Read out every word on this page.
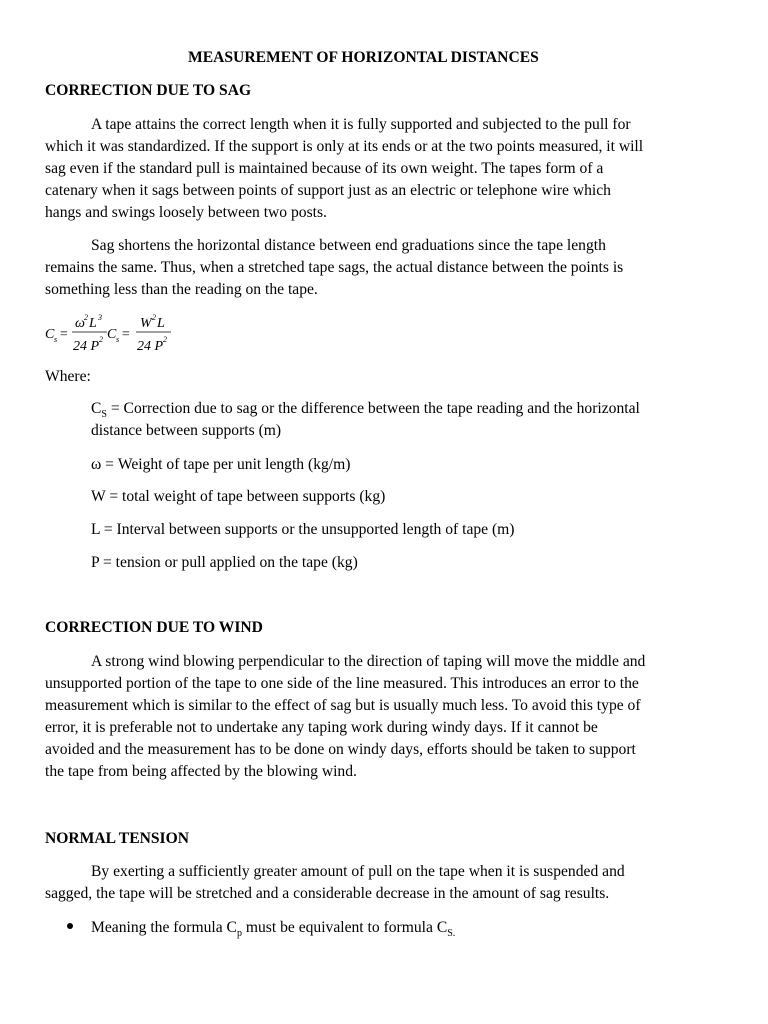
MEASUREMENT OF HORIZONTAL DISTANCES
CORRECTION DUE TO SAG
A tape attains the correct length when it is fully supported and subjected to the pull for
which it was standardized. If the support is only at its ends or at the two points measured, it will
sag even if the standard pull is maintained because of its own weight. The tapes form of a
catenary when it sags between points of support just as an electric or telephone wire which
hangs and swings loosely between two posts.
Sag shortens the horizontal distance between end graduations since the tape length
remains the same. Thus, when a stretched tape sags, the actual distance between the points is
something less than the reading on the tape.
C s =
ω 2 L 3
24 P 2 C s =
W 2 L
24 P 2
Where:
$C_S$ = Correction due to sag or the difference between the tape reading and the horizontal
distance between supports (m)
ω = Weight of tape per unit length (kg/m)
W = total weight of tape between supports (kg)
L = Interval between supports or the unsupported length of tape (m)
P = tension or pull applied on the tape (kg)
CORRECTION DUE TO WIND
A strong wind blowing perpendicular to the direction of taping will move the middle and
unsupported portion of the tape to one side of the line measured. This introduces an error to the
measurement which is similar to the effect of sag but is usually much less. To avoid this type of
error, it is preferable not to undertake any taping work during windy days. If it cannot be
avoided and the measurement has to be done on windy days, efforts should be taken to support
the tape from being affected by the blowing wind.
NORMAL TENSION
By exerting a sufficiently greater amount of pull on the tape when it is suspended and
sagged, the tape will be stretched and a considerable decrease in the amount of sag results.
Meaning the formula $C_p$ must be equivalent to formula $C_{S.}$
